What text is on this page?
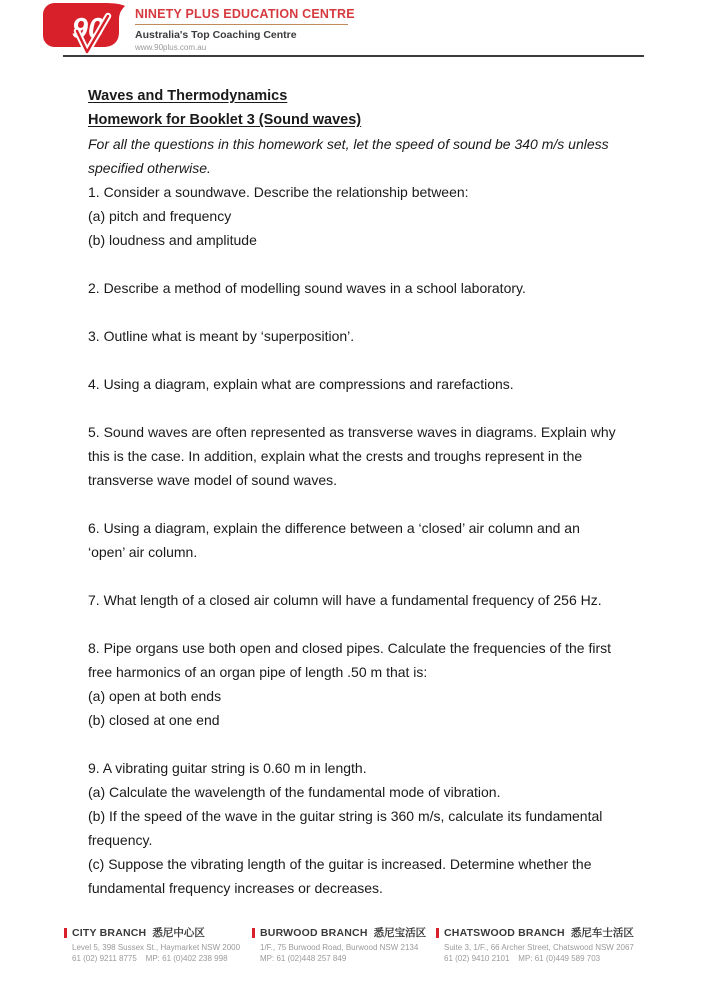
90 NINETY PLUS EDUCATION CENTRE
Australia's Top Coaching Centre
www.90plus.com.au
Waves and Thermodynamics
Homework for Booklet 3 (Sound waves)
For all the questions in this homework set, let the speed of sound be 340 m/s unless
specified otherwise.
1. Consider a soundwave. Describe the relationship between:
(a) pitch and frequency
(b) loudness and amplitude
2. Describe a method of modelling sound waves in a school laboratory.
3. Outline what is meant by ‘superposition’.
4. Using a diagram, explain what are compressions and rarefactions.
5. Sound waves are often represented as transverse waves in diagrams. Explain why
this is the case. In addition, explain what the crests and troughs represent in the
transverse wave model of sound waves.
6. Using a diagram, explain the difference between a ‘closed’ air column and an
‘open’ air column.
7. What length of a closed air column will have a fundamental frequency of 256 Hz.
8. Pipe organs use both open and closed pipes. Calculate the frequencies of the first
free harmonics of an organ pipe of length .50 m that is:
(a) open at both ends
(b) closed at one end
9. A vibrating guitar string is 0.60 m in length.
(a) Calculate the wavelength of the fundamental mode of vibration.
(b) If the speed of the wave in the guitar string is 360 m/s, calculate its fundamental
frequency.
(c) Suppose the vibrating length of the guitar is increased. Determine whether the
fundamental frequency increases or decreases.
CITY BRANCH 悉尼中心区
Level 5, 398 Sussex St., Haymarket NSW 2000
61 (02) 9211 8775    MP: 61 (0)402 238 998
BURWOOD BRANCH 悉尼宝活区
1/F., 75 Burwood Road, Burwood NSW 2134
MP: 61 (02)448 257 849
CHATSWOOD BRANCH 悉尼车士活区
Suite 3, 1/F., 66 Archer Street, Chatswood NSW 2067
61 (02) 9410 2101    MP: 61 (0)449 589 703
